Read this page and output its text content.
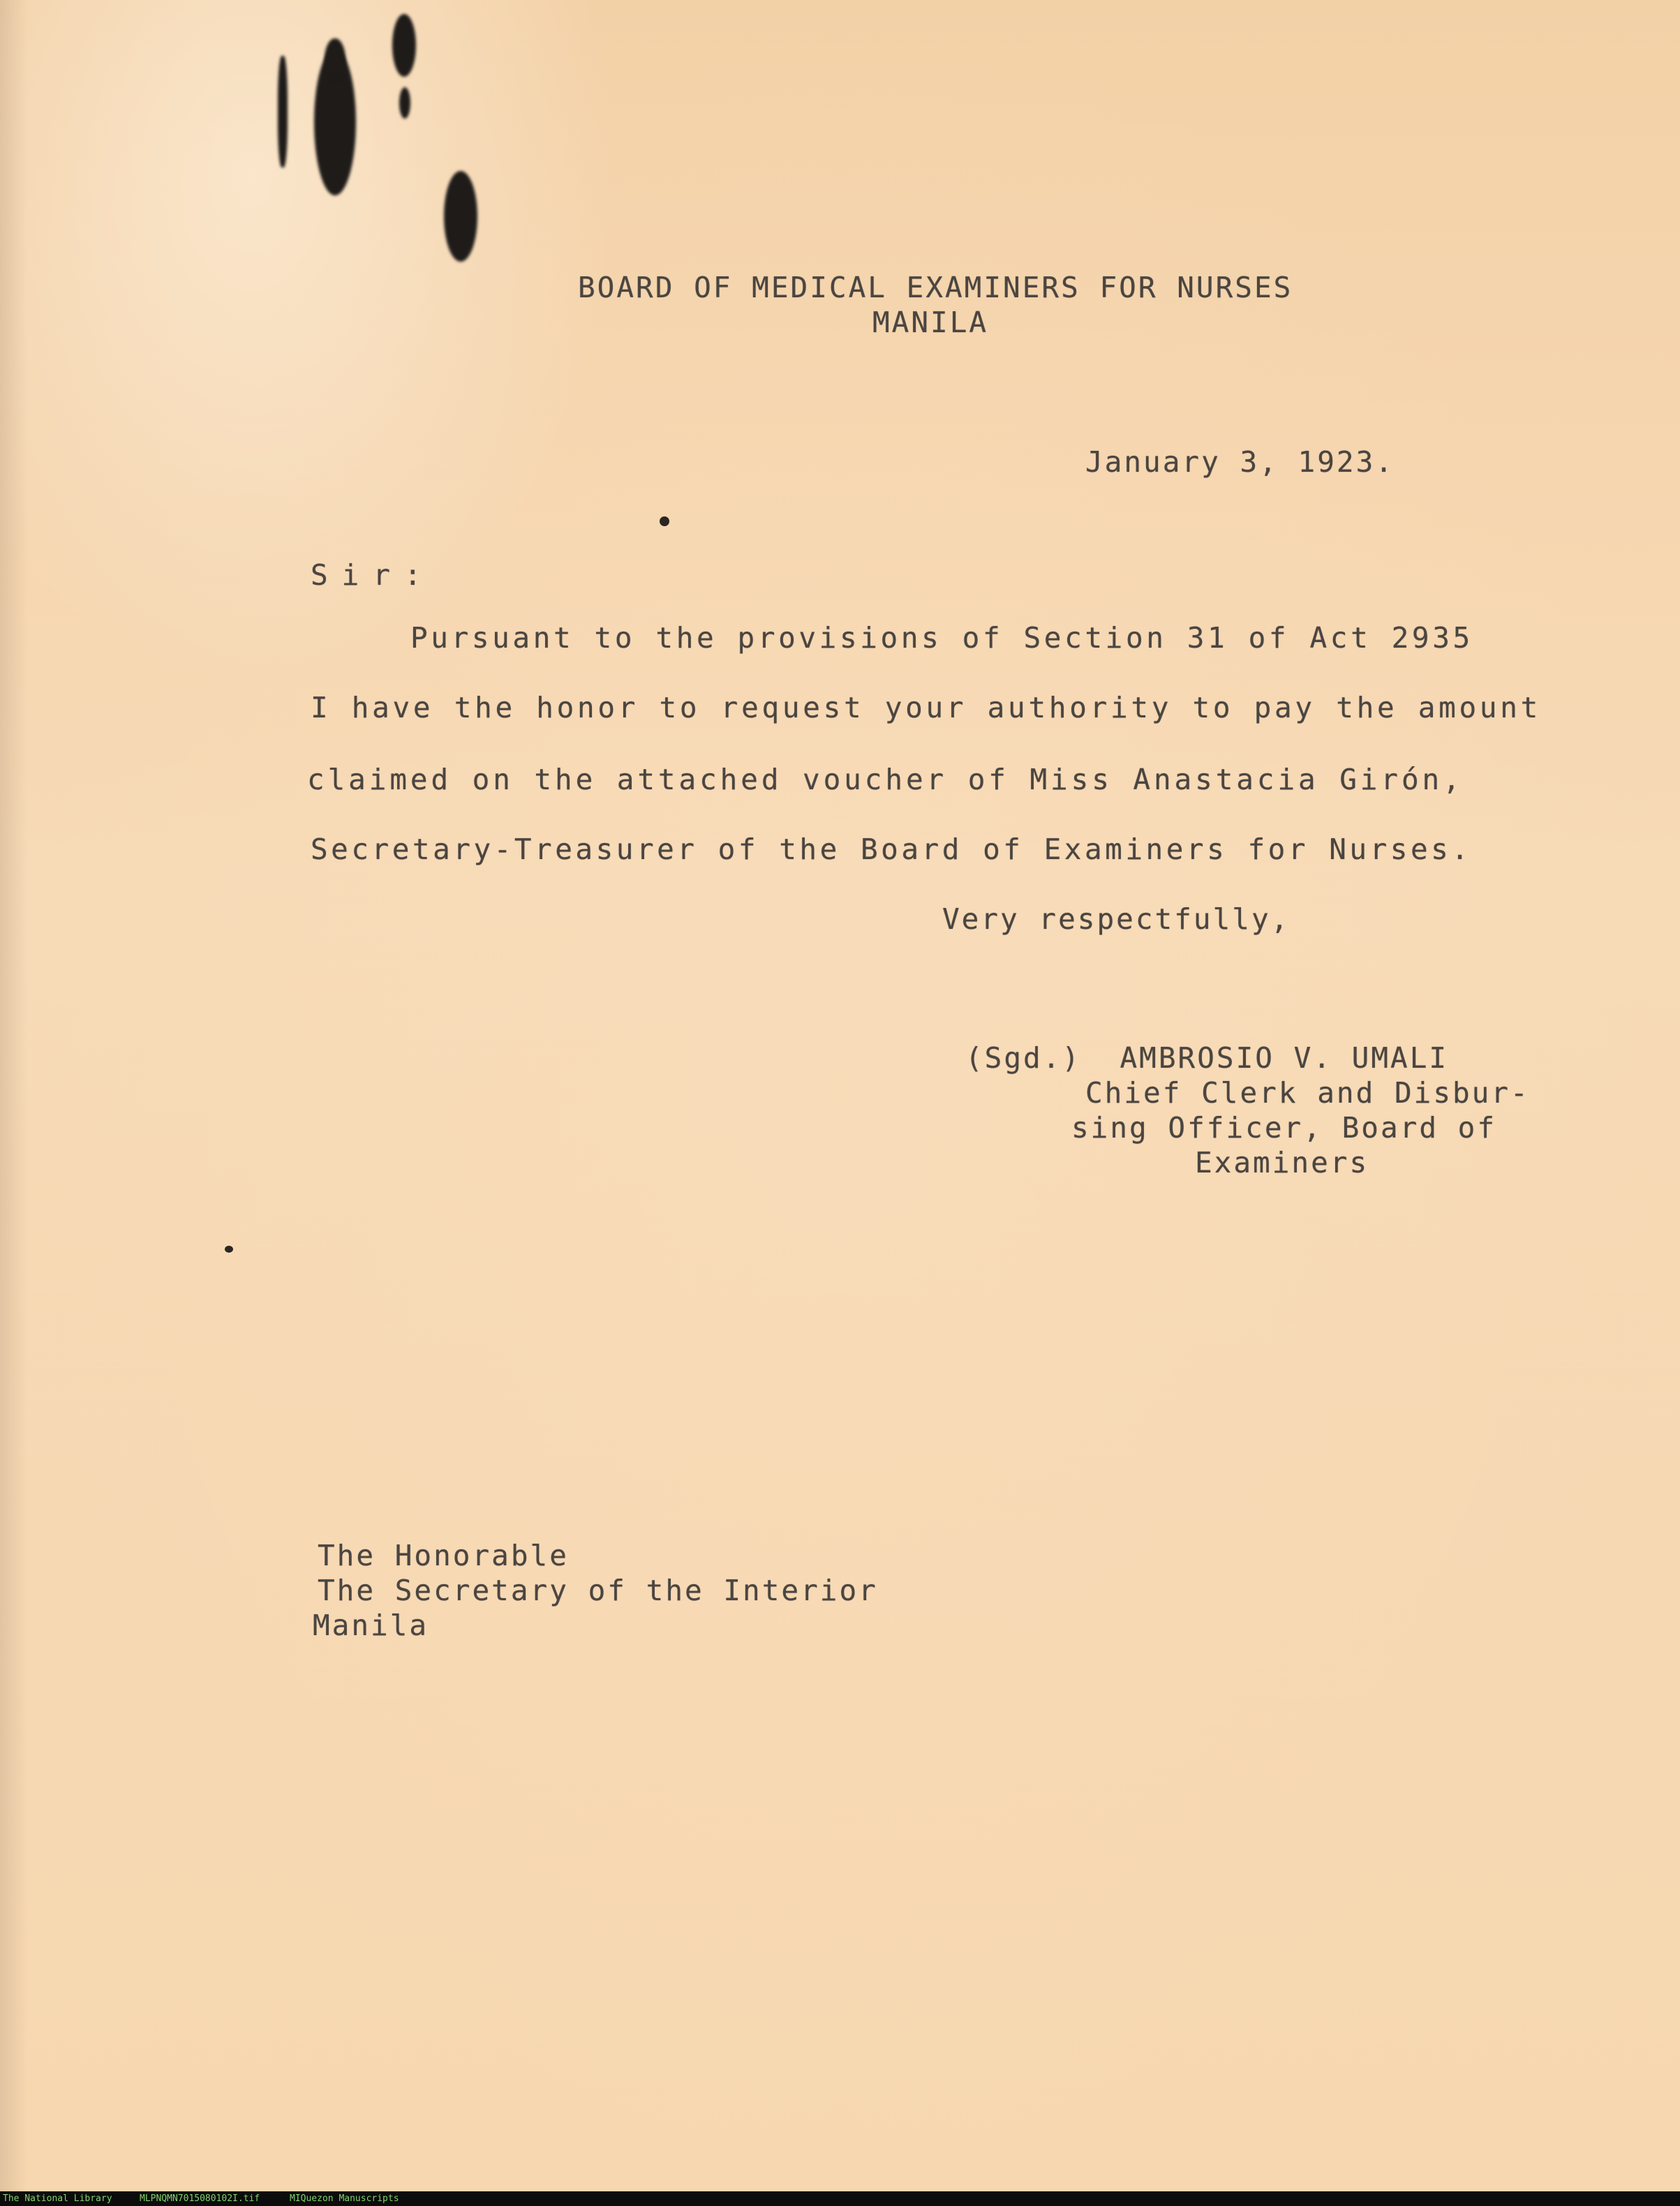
BOARD OF MEDICAL EXAMINERS FOR NURSES
MANILA
January 3, 1923.
Sir:
Pursuant to the provisions of Section 31 of Act 2935
I have the honor to request your authority to pay the amount
claimed on the attached voucher of Miss Anastacia Girón,
Secretary-Treasurer of the Board of Examiners for Nurses.
Very respectfully,
(Sgd.)  AMBROSIO V. UMALI
Chief Clerk and Disbur-
sing Officer, Board of
Examiners
The Honorable
The Secretary of the Interior
Manila
The National Library	MLPNQMN7015080102I.tif	MIQuezon Manuscripts
